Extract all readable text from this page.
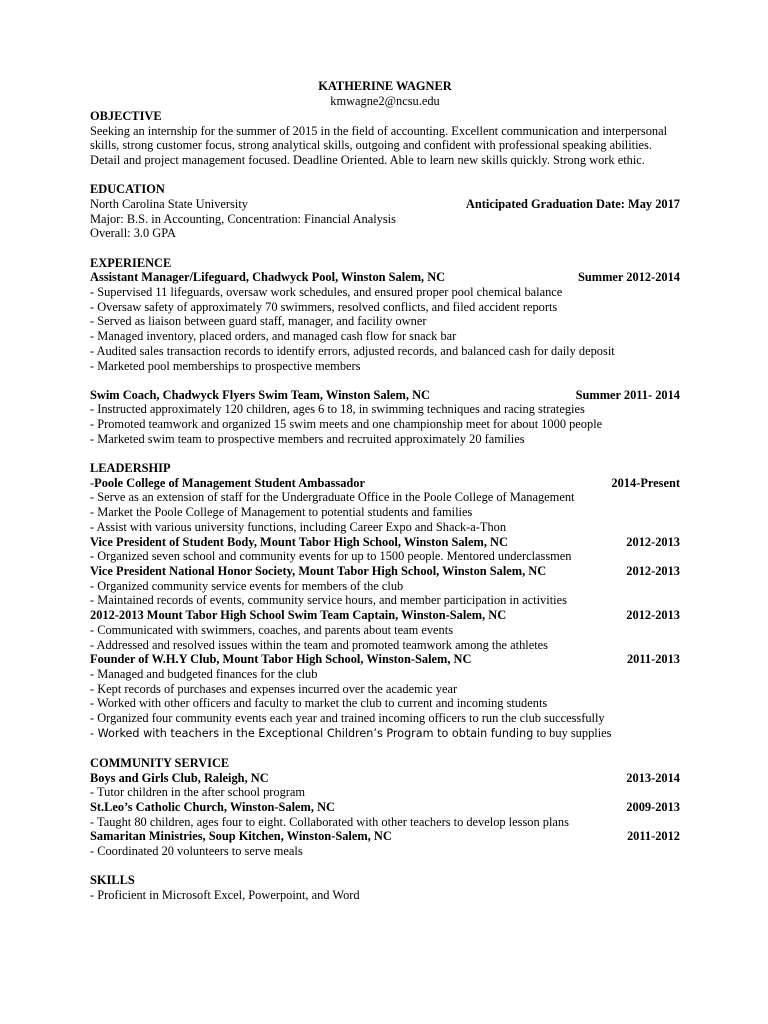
KATHERINE WAGNER
kmwagne2@ncsu.edu
OBJECTIVE
Seeking an internship for the summer of 2015 in the field of accounting. Excellent communication and interpersonal
skills, strong customer focus, strong analytical skills, outgoing and confident with professional speaking abilities.
Detail and project management focused. Deadline Oriented. Able to learn new skills quickly. Strong work ethic.
EDUCATION
North Carolina State University	Anticipated Graduation Date: May 2017
Major: B.S. in Accounting, Concentration: Financial Analysis
Overall: 3.0 GPA
EXPERIENCE
Assistant Manager/Lifeguard, Chadwyck Pool, Winston Salem, NC	Summer 2012-2014
- Supervised 11 lifeguards, oversaw work schedules, and ensured proper pool chemical balance
- Oversaw safety of approximately 70 swimmers, resolved conflicts, and filed accident reports
- Served as liaison between guard staff, manager, and facility owner
- Managed inventory, placed orders, and managed cash flow for snack bar
- Audited sales transaction records to identify errors, adjusted records, and balanced cash for daily deposit
- Marketed pool memberships to prospective members
Swim Coach, Chadwyck Flyers Swim Team, Winston Salem, NC	Summer 2011- 2014
- Instructed approximately 120 children, ages 6 to 18, in swimming techniques and racing strategies
- Promoted teamwork and organized 15 swim meets and one championship meet for about 1000 people
- Marketed swim team to prospective members and recruited approximately 20 families
LEADERSHIP
-Poole College of Management Student Ambassador	2014-Present
- Serve as an extension of staff for the Undergraduate Office in the Poole College of Management
- Market the Poole College of Management to potential students and families
- Assist with various university functions, including Career Expo and Shack-a-Thon
Vice President of Student Body, Mount Tabor High School, Winston Salem, NC	2012-2013
- Organized seven school and community events for up to 1500 people. Mentored underclassmen
Vice President National Honor Society, Mount Tabor High School, Winston Salem, NC	2012-2013
- Organized community service events for members of the club
- Maintained records of events, community service hours, and member participation in activities
2012-2013 Mount Tabor High School Swim Team Captain, Winston-Salem, NC	2012-2013
- Communicated with swimmers, coaches, and parents about team events
- Addressed and resolved issues within the team and promoted teamwork among the athletes
Founder of W.H.Y Club, Mount Tabor High School, Winston-Salem, NC	2011-2013
- Managed and budgeted finances for the club
- Kept records of purchases and expenses incurred over the academic year
- Worked with other officers and faculty to market the club to current and incoming students
- Organized four community events each year and trained incoming officers to run the club successfully
- Worked with teachers in the Exceptional Children’s Program to obtain funding to buy supplies
COMMUNITY SERVICE
Boys and Girls Club, Raleigh, NC	2013-2014
- Tutor children in the after school program
St.Leo’s Catholic Church, Winston-Salem, NC	2009-2013
- Taught 80 children, ages four to eight. Collaborated with other teachers to develop lesson plans
Samaritan Ministries, Soup Kitchen, Winston-Salem, NC	2011-2012
- Coordinated 20 volunteers to serve meals
SKILLS
- Proficient in Microsoft Excel, Powerpoint, and Word
